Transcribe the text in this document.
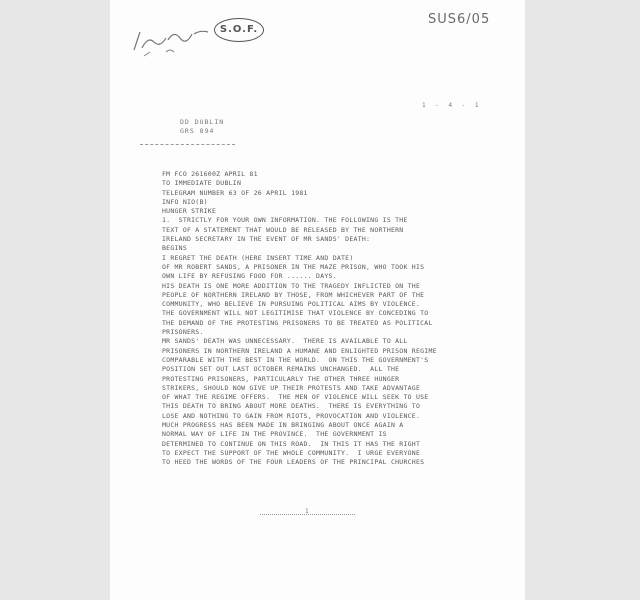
S.O.F.
SUS6/05
1 - 4 - 1
DD DUBLIN
GRS 894
FM FCO 261600Z APRIL 81
TO IMMEDIATE DUBLIN
TELEGRAM NUMBER 63 OF 26 APRIL 1981
INFO NIO(B)
HUNGER STRIKE
1.  STRICTLY FOR YOUR OWN INFORMATION. THE FOLLOWING IS THE
TEXT OF A STATEMENT THAT WOULD BE RELEASED BY THE NORTHERN
IRELAND SECRETARY IN THE EVENT OF MR SANDS' DEATH:
BEGINS
I REGRET THE DEATH (HERE INSERT TIME AND DATE)
OF MR ROBERT SANDS, A PRISONER IN THE MAZE PRISON, WHO TOOK HIS
OWN LIFE BY REFUSING FOOD FOR ...... DAYS.
HIS DEATH IS ONE MORE ADDITION TO THE TRAGEDY INFLICTED ON THE
PEOPLE OF NORTHERN IRELAND BY THOSE, FROM WHICHEVER PART OF THE
COMMUNITY, WHO BELIEVE IN PURSUING POLITICAL AIMS BY VIOLENCE.
THE GOVERNMENT WILL NOT LEGITIMISE THAT VIOLENCE BY CONCEDING TO
THE DEMAND OF THE PROTESTING PRISONERS TO BE TREATED AS POLITICAL
PRISONERS.
MR SANDS' DEATH WAS UNNECESSARY.  THERE IS AVAILABLE TO ALL
PRISONERS IN NORTHERN IRELAND A HUMANE AND ENLIGHTED PRISON REGIME
COMPARABLE WITH THE BEST IN THE WORLD.  ON THIS THE GOVERNMENT'S
POSITION SET OUT LAST OCTOBER REMAINS UNCHANGED.  ALL THE
PROTESTING PRISONERS, PARTICULARLY THE OTHER THREE HUNGER
STRIKERS, SHOULD NOW GIVE UP THEIR PROTESTS AND TAKE ADVANTAGE
OF WHAT THE REGIME OFFERS.  THE MEN OF VIOLENCE WILL SEEK TO USE
THIS DEATH TO BRING ABOUT MORE DEATHS.  THERE IS EVERYTHING TO
LOSE AND NOTHING TO GAIN FROM RIOTS, PROVOCATION AND VIOLENCE.
MUCH PROGRESS HAS BEEN MADE IN BRINGING ABOUT ONCE AGAIN A
NORMAL WAY OF LIFE IN THE PROVINCE.  THE GOVERNMENT IS
DETERMINED TO CONTINUE ON THIS ROAD.  IN THIS IT HAS THE RIGHT
TO EXPECT THE SUPPORT OF THE WHOLE COMMUNITY.  I URGE EVERYONE
TO HEED THE WORDS OF THE FOUR LEADERS OF THE PRINCIPAL CHURCHES
1
